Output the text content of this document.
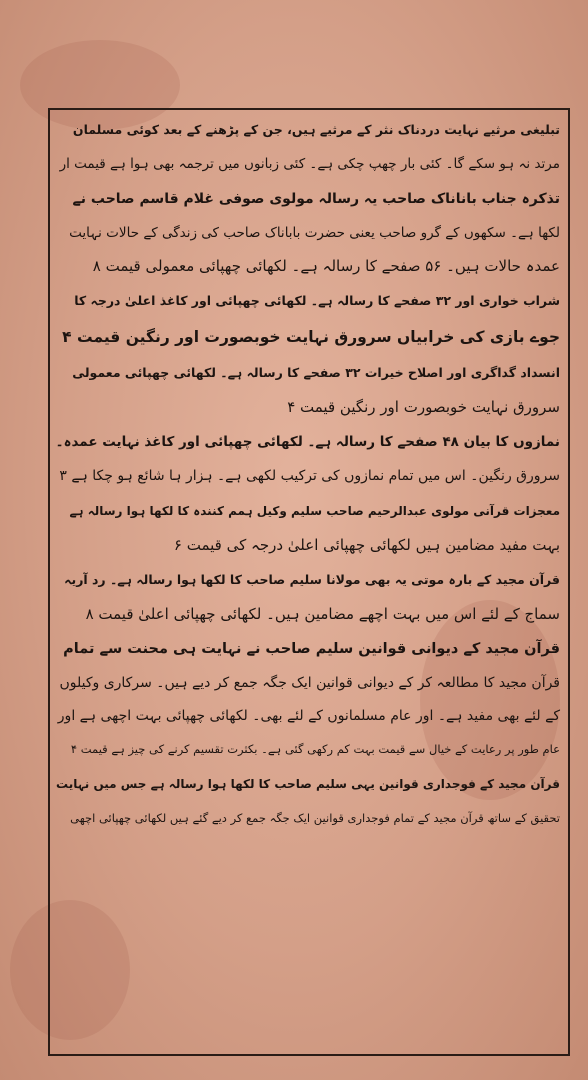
تبلیغی مرثیے نہایت دردناک نثر کے مرثیے ہیں، جن کے پڑھنے کے بعد کوئی مسلمان
مرتد نہ ہو سکے گا۔ کئی بار چھپ چکی ہے۔ کئی زبانوں میں ترجمہ بھی ہوا ہے قیمت ار
تذکرہ جناب باناناک صاحب یہ رسالہ مولوی صوفی غلام قاسم صاحب نے
لکھا ہے۔ سکھوں کے گرو صاحب یعنی حضرت باباناک صاحب کی زندگی کے حالات نہایت
عمدہ حالات ہیں۔ ۵۶ صفحے کا رسالہ ہے۔ لکھائی چھپائی معمولی قیمت ۸
شراب خواری اور ۳۲ صفحے کا رسالہ ہے۔ لکھائی چھپائی اور کاغذ اعلیٰ درجہ کا
جوے بازی کی خرابیاں سرورق نہایت خوبصورت اور رنگین قیمت ۴
انسداد گداگری اور اصلاح خیرات ۳۲ صفحے کا رسالہ ہے۔ لکھائی چھپائی معمولی
سرورق نہایت خوبصورت اور رنگین قیمت ۴
نمازوں کا بیان ۴۸ صفحے کا رسالہ ہے۔ لکھائی چھپائی اور کاغذ نہایت عمدہ۔
سرورق رنگین۔ اس میں تمام نمازوں کی ترکیب لکھی ہے۔ ہزار ہا شائع ہو چکا ہے ۳
معجزات قرآنی مولوی عبدالرحیم صاحب سلیم وکیل ہمم کنندہ کا لکھا ہوا رسالہ ہے
بہت مفید مضامین ہیں لکھائی چھپائی اعلیٰ درجہ کی قیمت ۶
قرآن مجید کے بارہ موتی یہ بھی مولانا سلیم صاحب کا لکھا ہوا رسالہ ہے۔ رد آریہ
سماج کے لئے اس میں بہت اچھے مضامین ہیں۔ لکھائی چھپائی اعلیٰ قیمت ۸
قرآن مجید کے دیوانی قوانین سلیم صاحب نے نہایت ہی محنت سے تمام
قرآن مجید کا مطالعہ کر کے دیوانی قوانین ایک جگہ جمع کر دیے ہیں۔ سرکاری وکیلوں
کے لئے بھی مفید ہے۔ اور عام مسلمانوں کے لئے بھی۔ لکھائی چھپائی بہت اچھی ہے اور
عام طور پر رعایت کے خیال سے قیمت بہت کم رکھی گئی ہے۔ بکثرت تقسیم کرنے کی چیز ہے قیمت ۴
قرآن مجید کے فوجداری قوانین یہی سلیم صاحب کا لکھا ہوا رسالہ ہے جس میں نہایت
تحقیق کے ساتھ قرآن مجید کے تمام فوجداری قوانین ایک جگہ جمع کر دیے گئے ہیں لکھائی چھپائی اچھی
